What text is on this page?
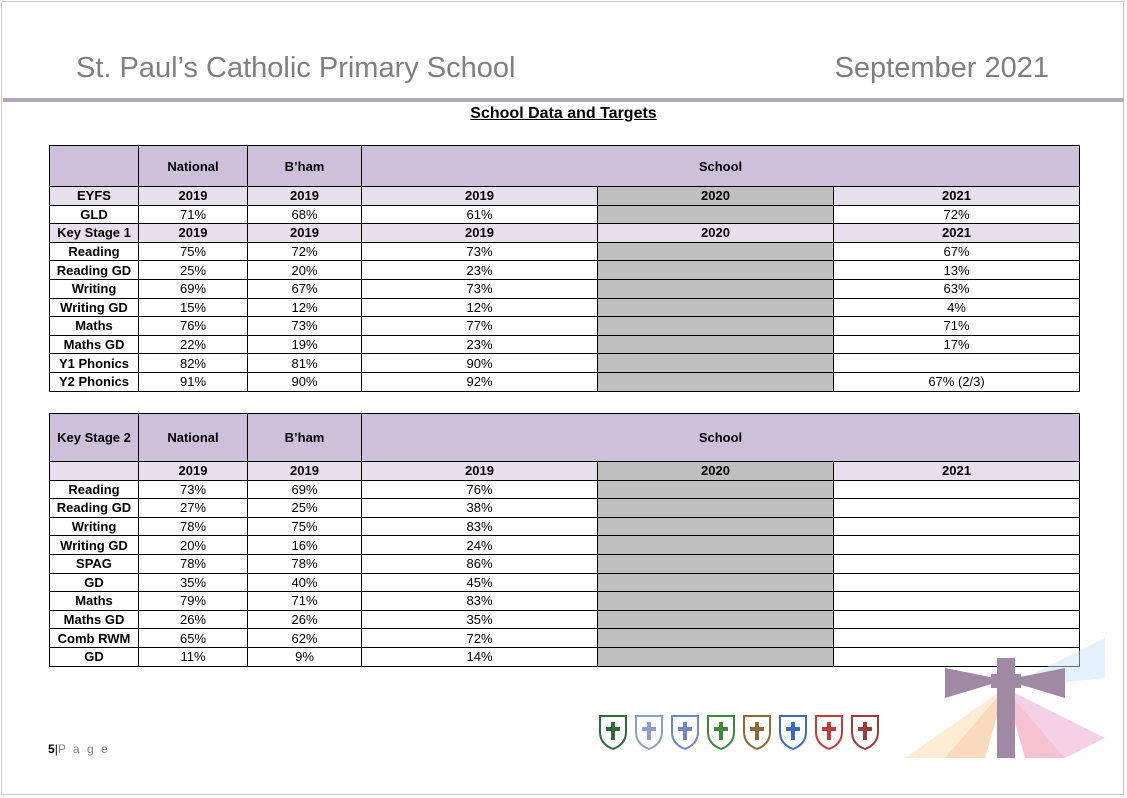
St. Paul’s Catholic Primary School	September 2021
School Data and Targets
	National	B’ham	School		
EYFS	2019	2019	2019	2020	2021
GLD	71%	68%	61%		72%
Key Stage 1	2019	2019	2019	2020	2021
Reading	75%	72%	73%		67%
Reading GD	25%	20%	23%		13%
Writing	69%	67%	73%		63%
Writing GD	15%	12%	12%		4%
Maths	76%	73%	77%		71%
Maths GD	22%	19%	23%		17%
Y1 Phonics	82%	81%	90%		
Y2 Phonics	91%	90%	92%		67% (2/3)
Key Stage 2	National	B’ham	School		
	2019	2019	2019	2020	2021
Reading	73%	69%	76%		
Reading GD	27%	25%	38%		
Writing	78%	75%	83%		
Writing GD	20%	16%	24%		
SPAG	78%	78%	86%		
GD	35%	40%	45%		
Maths	79%	71%	83%		
Maths GD	26%	26%	35%		
Comb RWM	65%	62%	72%		
GD	11%	9%	14%		
5|P a g e
